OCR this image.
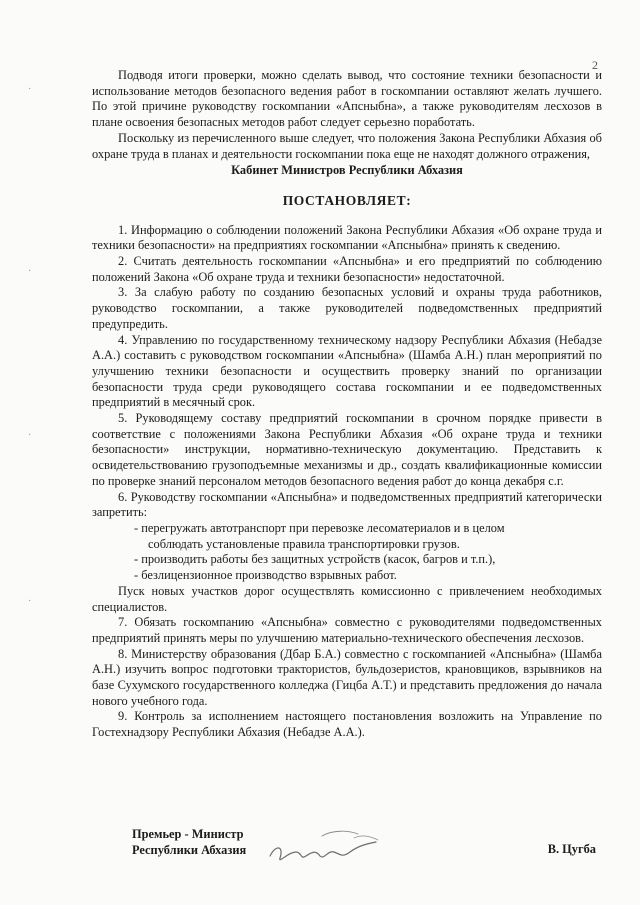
2
·
·
·
·

Подводя итоги проверки, можно сделать вывод, что состояние техники безопасности и использование методов безопасного ведения работ в госкомпании оставляют желать лучшего. По этой причине руководству госкомпании «Апсныбна», а также руководителям лесхозов в плане освоения безопасных методов работ следует серьезно поработать.

Поскольку из перечисленного выше следует, что положения Закона Республики Абхазия об охране труда в планах и деятельности госкомпании пока еще не находят должного отражения,

Кабинет Министров Республики Абхазия

ПОСТАНОВЛЯЕТ:

1. Информацию о соблюдении положений Закона Республики Абхазия «Об охране труда и техники безопасности» на предприятиях госкомпании «Апсныбна» принять к сведению.

2. Считать деятельность госкомпании «Апсныбна» и его предприятий по соблюдению положений Закона «Об охране труда и техники безопасности» недостаточной.

3. За слабую работу по созданию безопасных условий и охраны труда работников, руководство госкомпании, а также руководителей подведомственных предприятий предупредить.

4. Управлению по государственному техническому надзору Республики Абхазия (Небадзе А.А.) составить с руководством госкомпании «Апсныбна» (Шамба А.Н.) план мероприятий по улучшению техники безопасности и осуществить проверку знаний по организации безопасности труда среди руководящего состава госкомпании и ее подведомственных предприятий в месячный срок.

5. Руководящему составу предприятий госкомпании в срочном порядке привести в соответствие с положениями Закона Республики Абхазия «Об охране труда и техники безопасности» инструкции, нормативно-техническую документацию. Представить к освидетельствованию грузоподъемные механизмы и др., создать квалификационные комиссии по проверке знаний персоналом методов безопасного ведения работ до конца декабря с.г.

6. Руководству госкомпании «Апсныбна» и подведомственных предприятий категорически запретить:

- перегружать автотранспорт при перевозке лесоматериалов и в целом
соблюдать установленые правила транспортировки грузов.
- производить работы без защитных устройств (касок, багров и т.п.),
- безлицензионное производство взрывных работ.

Пуск новых участков дорог осуществлять комиссионно с привлечением необходимых специалистов.

7. Обязать госкомпанию «Апсныбна» совместно с руководителями подведомственных предприятий принять меры по улучшению материально-технического обеспечения лесхозов.

8. Министерству образования (Дбар Б.А.) совместно с госкомпанией «Апсныбна» (Шамба А.Н.) изучить вопрос подготовки трактористов, бульдозеристов, крановщиков, взрывников на базе Сухумского государственного колледжа (Гицба А.Т.) и представить предложения до начала нового учебного года.

9. Контроль за исполнением настоящего постановления возложить на Управление по Гостехнадзору Республики Абхазия (Небадзе А.А.).

Премьер - Министр
Республики Абхазия	В. Цугба
